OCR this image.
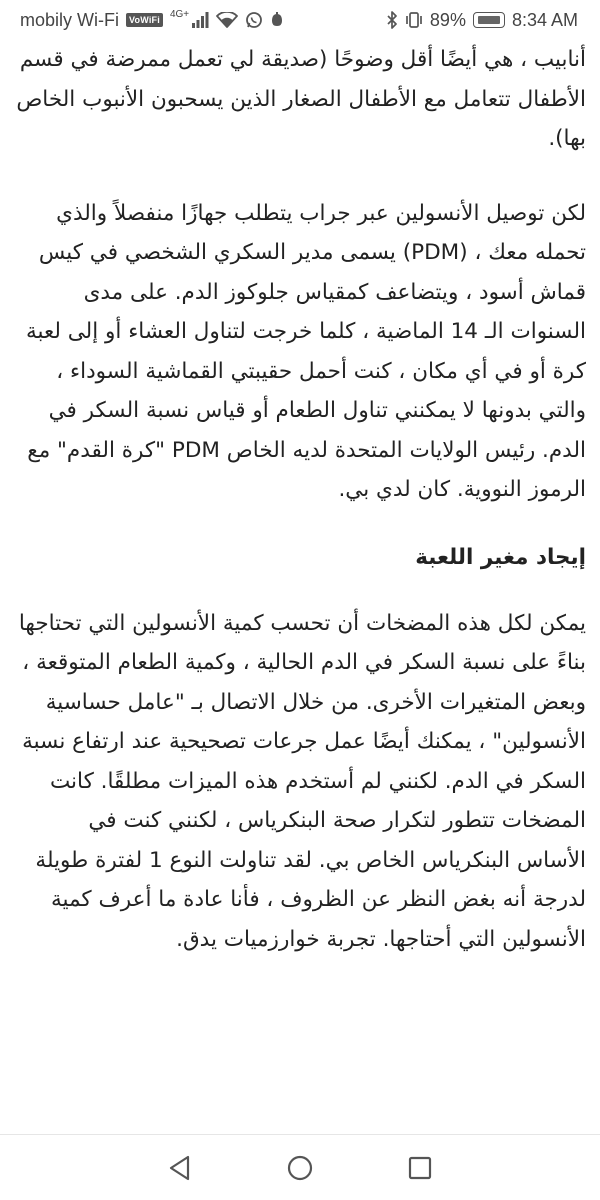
mobily Wi-Fi	VoWiFi
4G+	89%	8:34 AM

أنابيب ، هي أيضًا أقل وضوحًا (صديقة لي تعمل ممرضة في قسم الأطفال تتعامل مع الأطفال الصغار الذين يسحبون الأنبوب الخاص بها).

لكن توصيل الأنسولين عبر جراب يتطلب جهازًا منفصلاً والذي تحمله معك ، (PDM) يسمى مدير السكري الشخصي في كيس قماش أسود ، ويتضاعف كمقياس جلوكوز الدم. على مدى السنوات الـ 14 الماضية ، كلما خرجت لتناول العشاء أو إلى لعبة كرة أو في أي مكان ، كنت أحمل حقيبتي القماشية السوداء ، والتي بدونها لا يمكنني تناول الطعام أو قياس نسبة السكر في الدم. رئيس الولايات المتحدة لديه الخاص PDM "كرة القدم" مع الرموز النووية. كان لدي بي.

إيجاد مغير اللعبة

يمكن لكل هذه المضخات أن تحسب كمية الأنسولين التي تحتاجها بناءً على نسبة السكر في الدم الحالية ، وكمية الطعام المتوقعة ، وبعض المتغيرات الأخرى. من خلال الاتصال بـ "عامل حساسية الأنسولين" ، يمكنك أيضًا عمل جرعات تصحيحية عند ارتفاع نسبة السكر في الدم. لكنني لم أستخدم هذه الميزات مطلقًا. كانت المضخات تتطور لتكرار صحة البنكرياس ، لكنني كنت في الأساس البنكرياس الخاص بي. لقد تناولت النوع 1 لفترة طويلة لدرجة أنه بغض النظر عن الظروف ، فأنا عادة ما أعرف كمية الأنسولين التي أحتاجها. تجربة خوارزميات يدق.
